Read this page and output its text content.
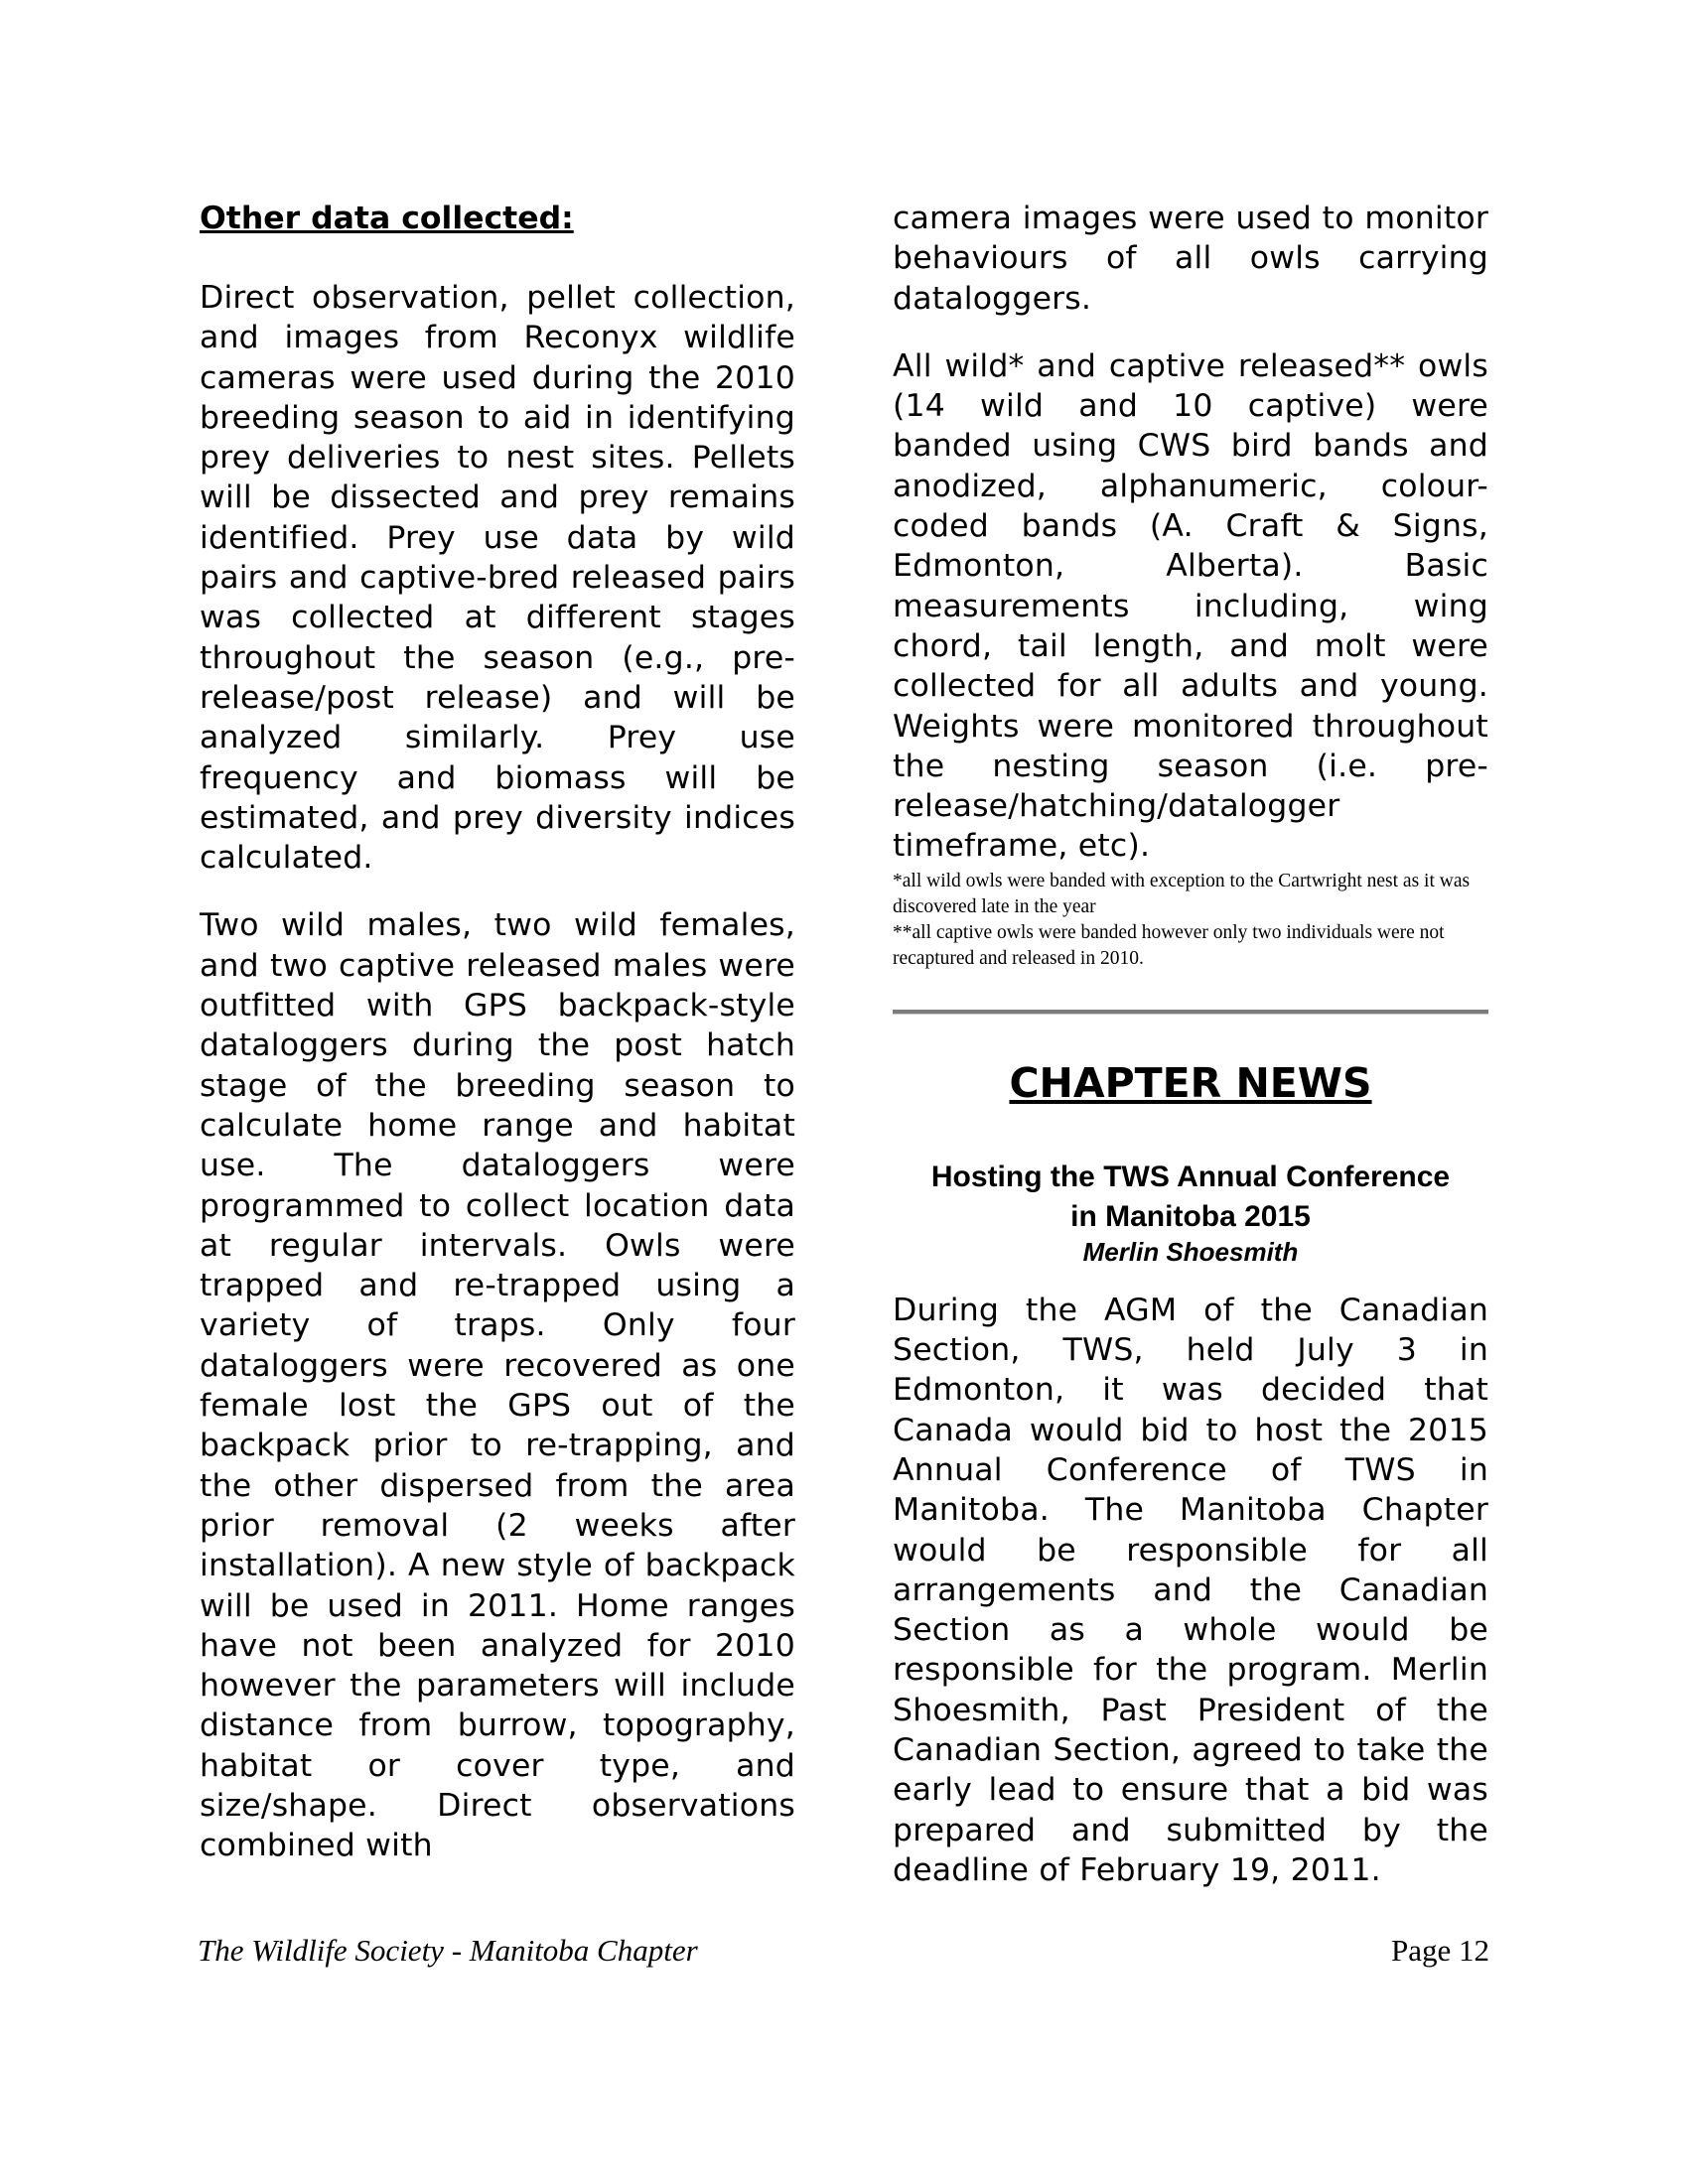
Other data collected:

Direct observation, pellet collection, and images from Reconyx wildlife cameras were used during the 2010 breeding season to aid in identifying prey deliveries to nest sites. Pellets will be dissected and prey remains identified. Prey use data by wild pairs and captive-bred released pairs was collected at different stages throughout the season (e.g., pre-release/post release) and will be analyzed similarly. Prey use frequency and biomass will be estimated, and prey diversity indices calculated.

Two wild males, two wild females, and two captive released males were outfitted with GPS backpack-style dataloggers during the post hatch stage of the breeding season to calculate home range and habitat use. The dataloggers were programmed to collect location data at regular intervals. Owls were trapped and re-trapped using a variety of traps. Only four dataloggers were recovered as one female lost the GPS out of the backpack prior to re-trapping, and the other dispersed from the area prior removal (2 weeks after installation). A new style of backpack will be used in 2011. Home ranges have not been analyzed for 2010 however the parameters will include distance from burrow, topography, habitat or cover type, and size/shape. Direct observations combined with

camera images were used to monitor behaviours of all owls carrying dataloggers.

All wild* and captive released** owls (14 wild and 10 captive) were banded using CWS bird bands and anodized, alphanumeric, colour-coded bands (A. Craft & Signs, Edmonton, Alberta). Basic measurements including, wing chord, tail length, and molt were collected for all adults and young. Weights were monitored throughout the nesting season (i.e. pre-release/hatching/datalogger timeframe, etc).

*all wild owls were banded with exception to the Cartwright nest as it was discovered late in the year

**all captive owls were banded however only two individuals were not recaptured and released in 2010.

CHAPTER NEWS
Hosting the TWS Annual Conference
in Manitoba 2015
Merlin Shoesmith

During the AGM of the Canadian Section, TWS, held July 3 in Edmonton, it was decided that Canada would bid to host the 2015 Annual Conference of TWS in Manitoba. The Manitoba Chapter would be responsible for all arrangements and the Canadian Section as a whole would be responsible for the program. Merlin Shoesmith, Past President of the Canadian Section, agreed to take the early lead to ensure that a bid was prepared and submitted by the deadline of February 19, 2011.

The Wildlife Society - Manitoba Chapter	Page 12
